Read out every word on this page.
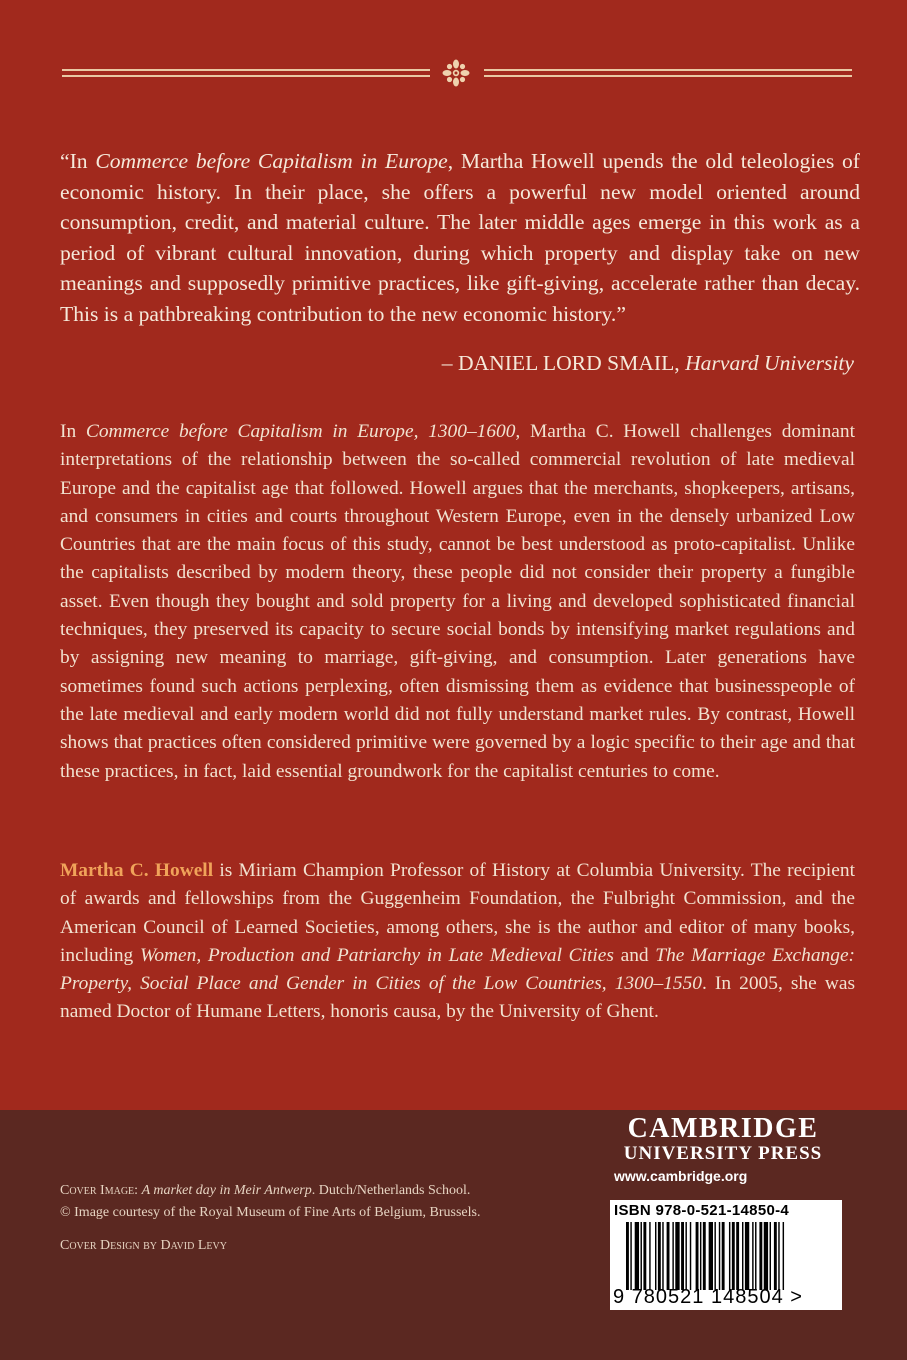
“In Commerce before Capitalism in Europe, Martha Howell upends the old teleologies of economic history. In their place, she offers a powerful new model oriented around consumption, credit, and material culture. The later middle ages emerge in this work as a period of vibrant cultural innovation, during which property and display take on new meanings and supposedly primitive practices, like gift-giving, accelerate rather than decay. This is a pathbreaking contribution to the new economic history.”
– DANIEL LORD SMAIL, Harvard University

In Commerce before Capitalism in Europe, 1300–1600, Martha C. Howell challenges dominant interpretations of the relationship between the so-called commercial revolution of late medieval Europe and the capitalist age that followed. Howell argues that the merchants, shopkeepers, artisans, and consumers in cities and courts throughout Western Europe, even in the densely urbanized Low Countries that are the main focus of this study, cannot be best understood as proto-capitalist. Unlike the capitalists described by modern theory, these people did not consider their property a fungible asset. Even though they bought and sold property for a living and developed sophisticated financial techniques, they preserved its capacity to secure social bonds by intensifying market regulations and by assigning new meaning to marriage, gift-giving, and consumption. Later generations have sometimes found such actions perplexing, often dismissing them as evidence that businesspeople of the late medieval and early modern world did not fully understand market rules. By contrast, Howell shows that practices often considered primitive were governed by a logic specific to their age and that these practices, in fact, laid essential groundwork for the capitalist centuries to come.

Martha C. Howell is Miriam Champion Professor of History at Columbia University. The recipient of awards and fellowships from the Guggenheim Foundation, the Fulbright Commission, and the American Council of Learned Societies, among others, she is the author and editor of many books, including Women, Production and Patriarchy in Late Medieval Cities and The Marriage Exchange: Property, Social Place and Gender in Cities of the Low Countries, 1300–1550. In 2005, she was named Doctor of Humane Letters, honoris causa, by the University of Ghent.

Cover Image: A market day in Meir Antwerp. Dutch/Netherlands School.
© Image courtesy of the Royal Museum of Fine Arts of Belgium, Brussels.
Cover Design by David Levy
CAMBRIDGE
UNIVERSITY PRESS
www.cambridge.org
ISBN 978-0-521-14850-4
9 780521 148504 >
